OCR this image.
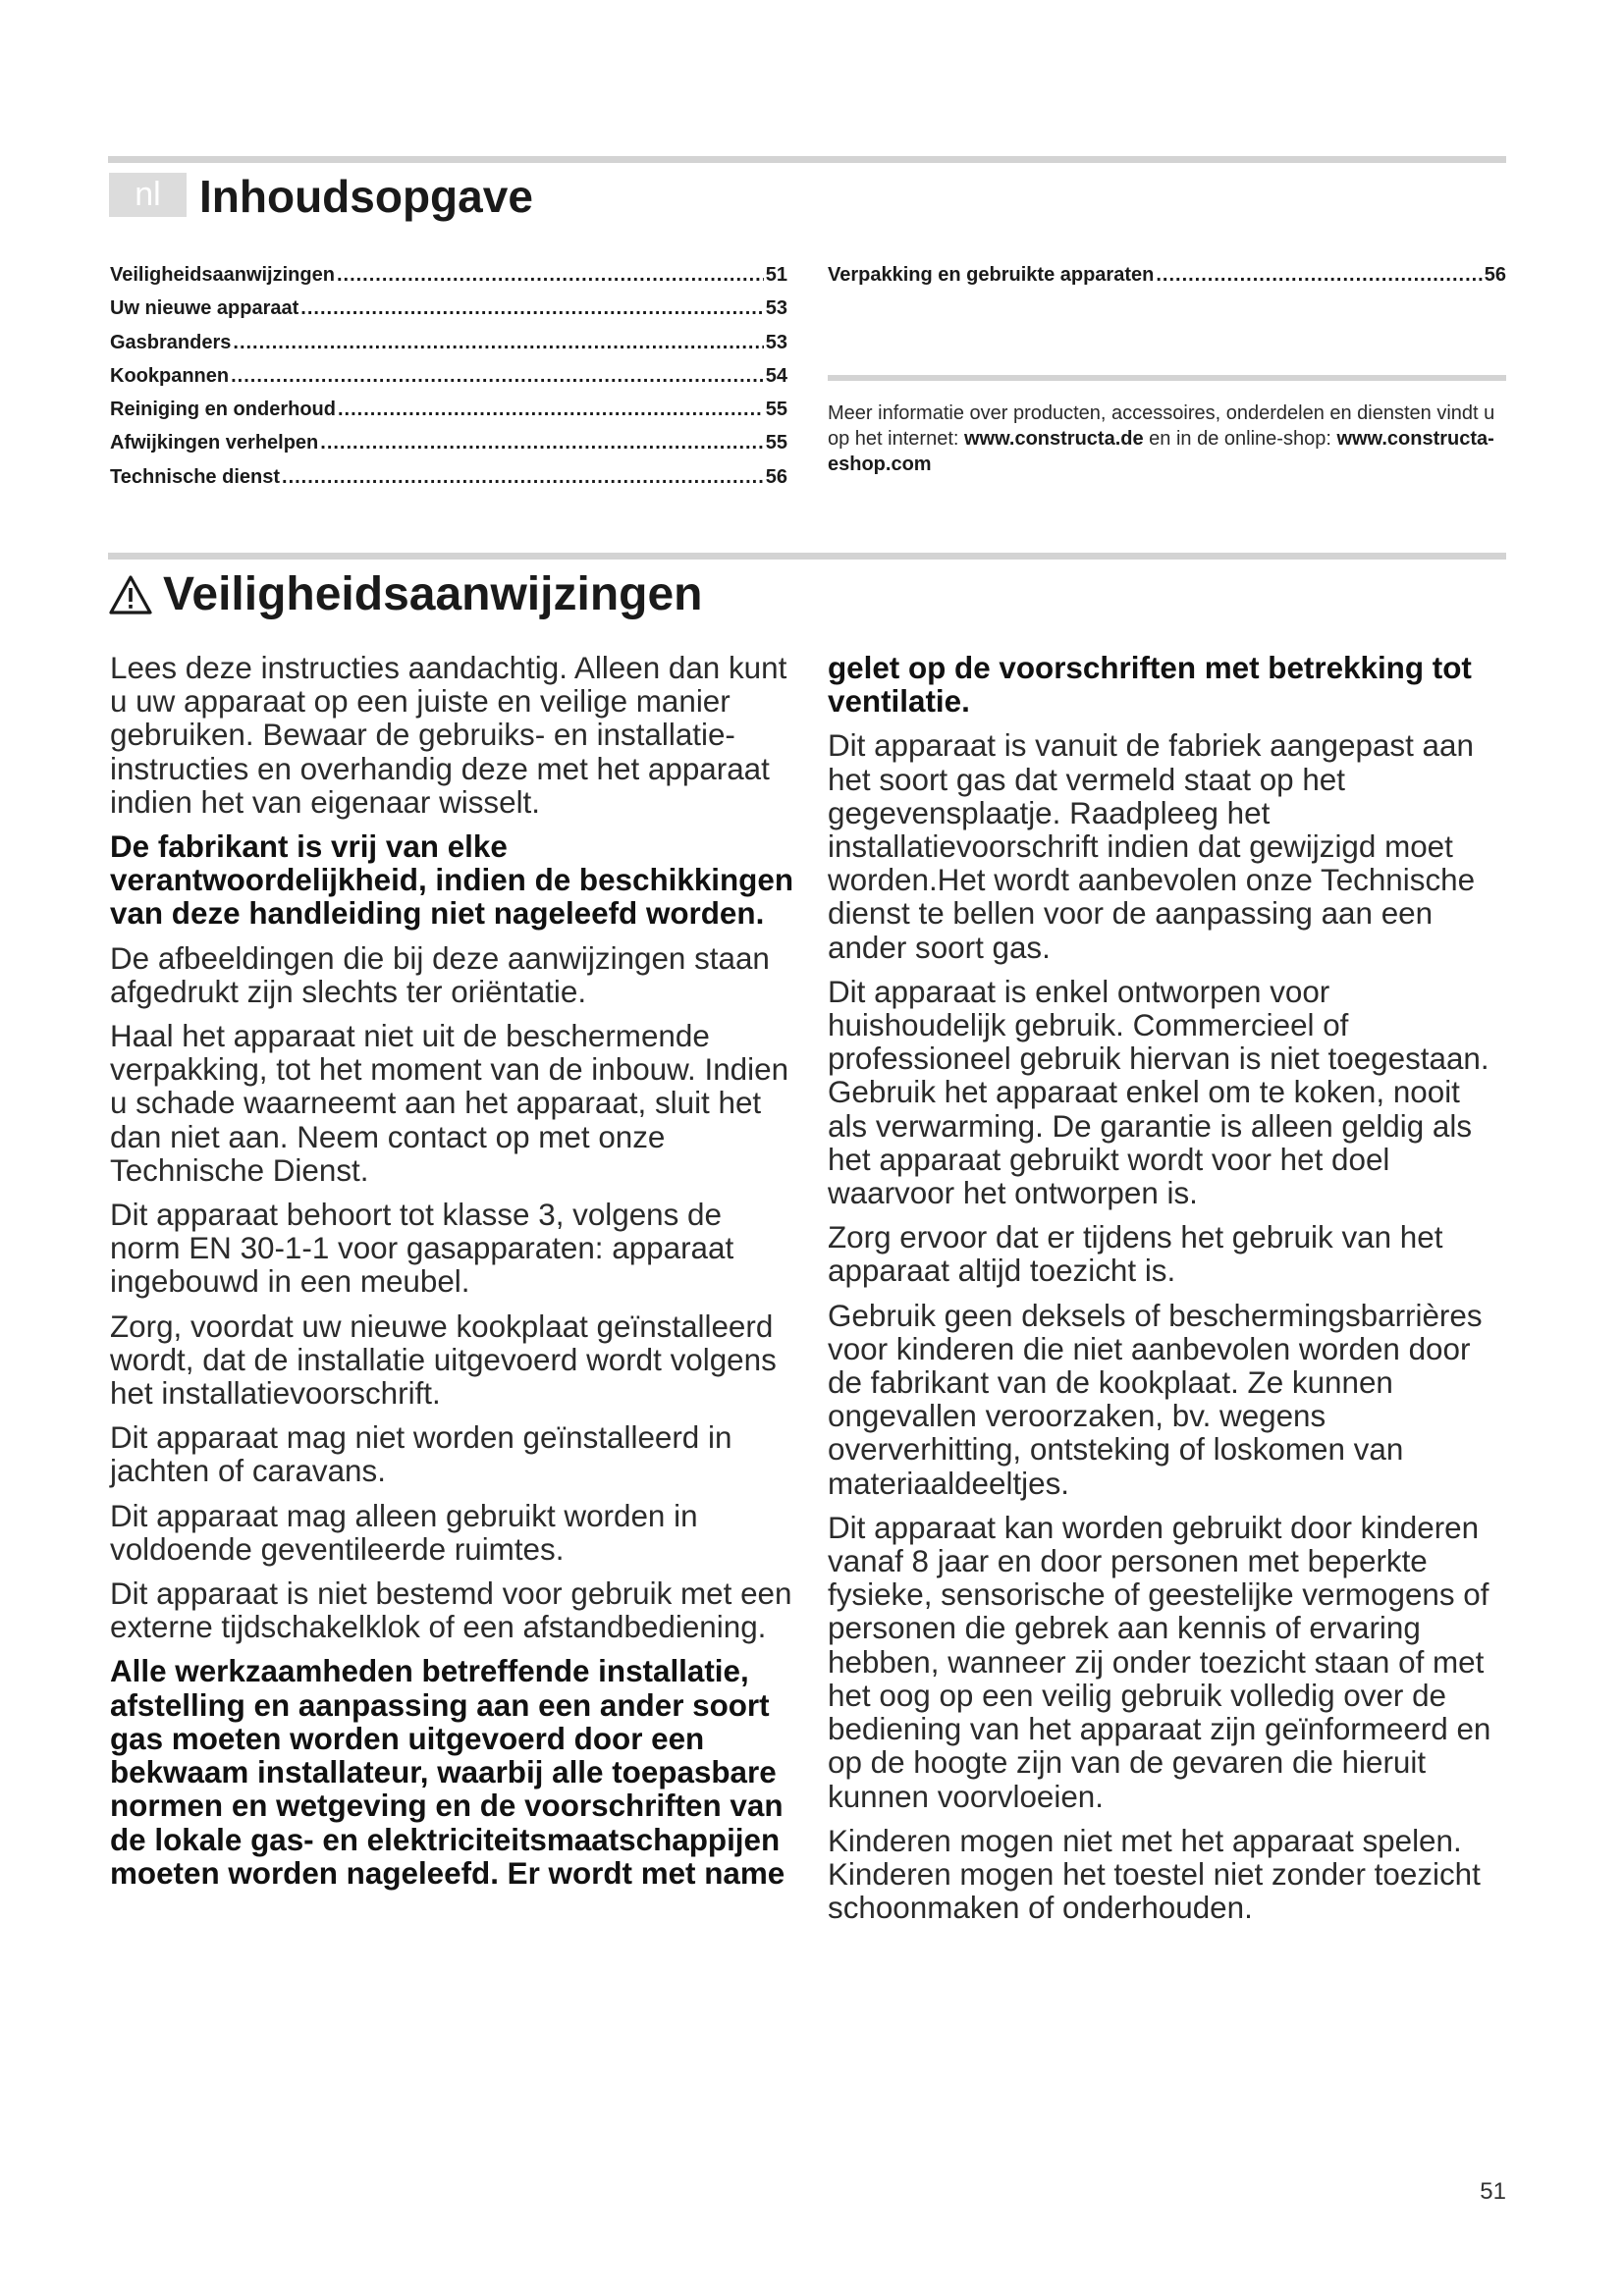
nl Inhoudsopgave
Veiligheidsaanwijzingen .....	51
Uw nieuwe apparaat .....	53
Gasbranders .....	53
Kookpannen .....	54
Reiniging en onderhoud .....	55
Afwijkingen verhelpen .....	55
Technische dienst .....	56
Verpakking en gebruikte apparaten .....	56

Meer informatie over producten, accessoires, onderdelen en diensten vindt u op het internet: www.constructa.de en in de online-shop: www.constructa-eshop.com

Veiligheidsaanwijzingen

Lees deze instructies aandachtig. Alleen dan kunt u uw apparaat op een juiste en veilige manier gebruiken. Bewaar de gebruiks- en installatie-instructies en overhandig deze met het apparaat indien het van eigenaar wisselt.

De fabrikant is vrij van elke verantwoordelijkheid, indien de beschikkingen van deze handleiding niet nageleefd worden.

De afbeeldingen die bij deze aanwijzingen staan afgedrukt zijn slechts ter oriëntatie.

Haal het apparaat niet uit de beschermende verpakking, tot het moment van de inbouw. Indien u schade waarneemt aan het apparaat, sluit het dan niet aan. Neem contact op met onze Technische Dienst.

Dit apparaat behoort tot klasse 3, volgens de norm EN 30-1-1 voor gasapparaten: apparaat ingebouwd in een meubel.

Zorg, voordat uw nieuwe kookplaat geïnstalleerd wordt, dat de installatie uitgevoerd wordt volgens het installatievoorschrift.

Dit apparaat mag niet worden geïnstalleerd in jachten of caravans.

Dit apparaat mag alleen gebruikt worden in voldoende geventileerde ruimtes.

Dit apparaat is niet bestemd voor gebruik met een externe tijdschakelklok of een afstandbediening.

Alle werkzaamheden betreffende installatie, afstelling en aanpassing aan een ander soort gas moeten worden uitgevoerd door een bekwaam installateur, waarbij alle toepasbare normen en wetgeving en de voorschriften van de lokale gas- en elektriciteitsmaatschappijen moeten worden nageleefd. Er wordt met name

gelet op de voorschriften met betrekking tot ventilatie.

Dit apparaat is vanuit de fabriek aangepast aan het soort gas dat vermeld staat op het gegevensplaatje. Raadpleeg het installatievoorschrift indien dat gewijzigd moet worden.Het wordt aanbevolen onze Technische dienst te bellen voor de aanpassing aan een ander soort gas.

Dit apparaat is enkel ontworpen voor huishoudelijk gebruik. Commercieel of professioneel gebruik hiervan is niet toegestaan. Gebruik het apparaat enkel om te koken, nooit als verwarming. De garantie is alleen geldig als het apparaat gebruikt wordt voor het doel waarvoor het ontworpen is.

Zorg ervoor dat er tijdens het gebruik van het apparaat altijd toezicht is.

Gebruik geen deksels of beschermingsbarrières voor kinderen die niet aanbevolen worden door de fabrikant van de kookplaat. Ze kunnen ongevallen veroorzaken, bv. wegens oververhitting, ontsteking of loskomen van materiaaldeeltjes.

Dit apparaat kan worden gebruikt door kinderen vanaf 8 jaar en door personen met beperkte fysieke, sensorische of geestelijke vermogens of personen die gebrek aan kennis of ervaring hebben, wanneer zij onder toezicht staan of met het oog op een veilig gebruik volledig over de bediening van het apparaat zijn geïnformeerd en op de hoogte zijn van de gevaren die hieruit kunnen voorvloeien.

Kinderen mogen niet met het apparaat spelen. Kinderen mogen het toestel niet zonder toezicht schoonmaken of onderhouden.

51
